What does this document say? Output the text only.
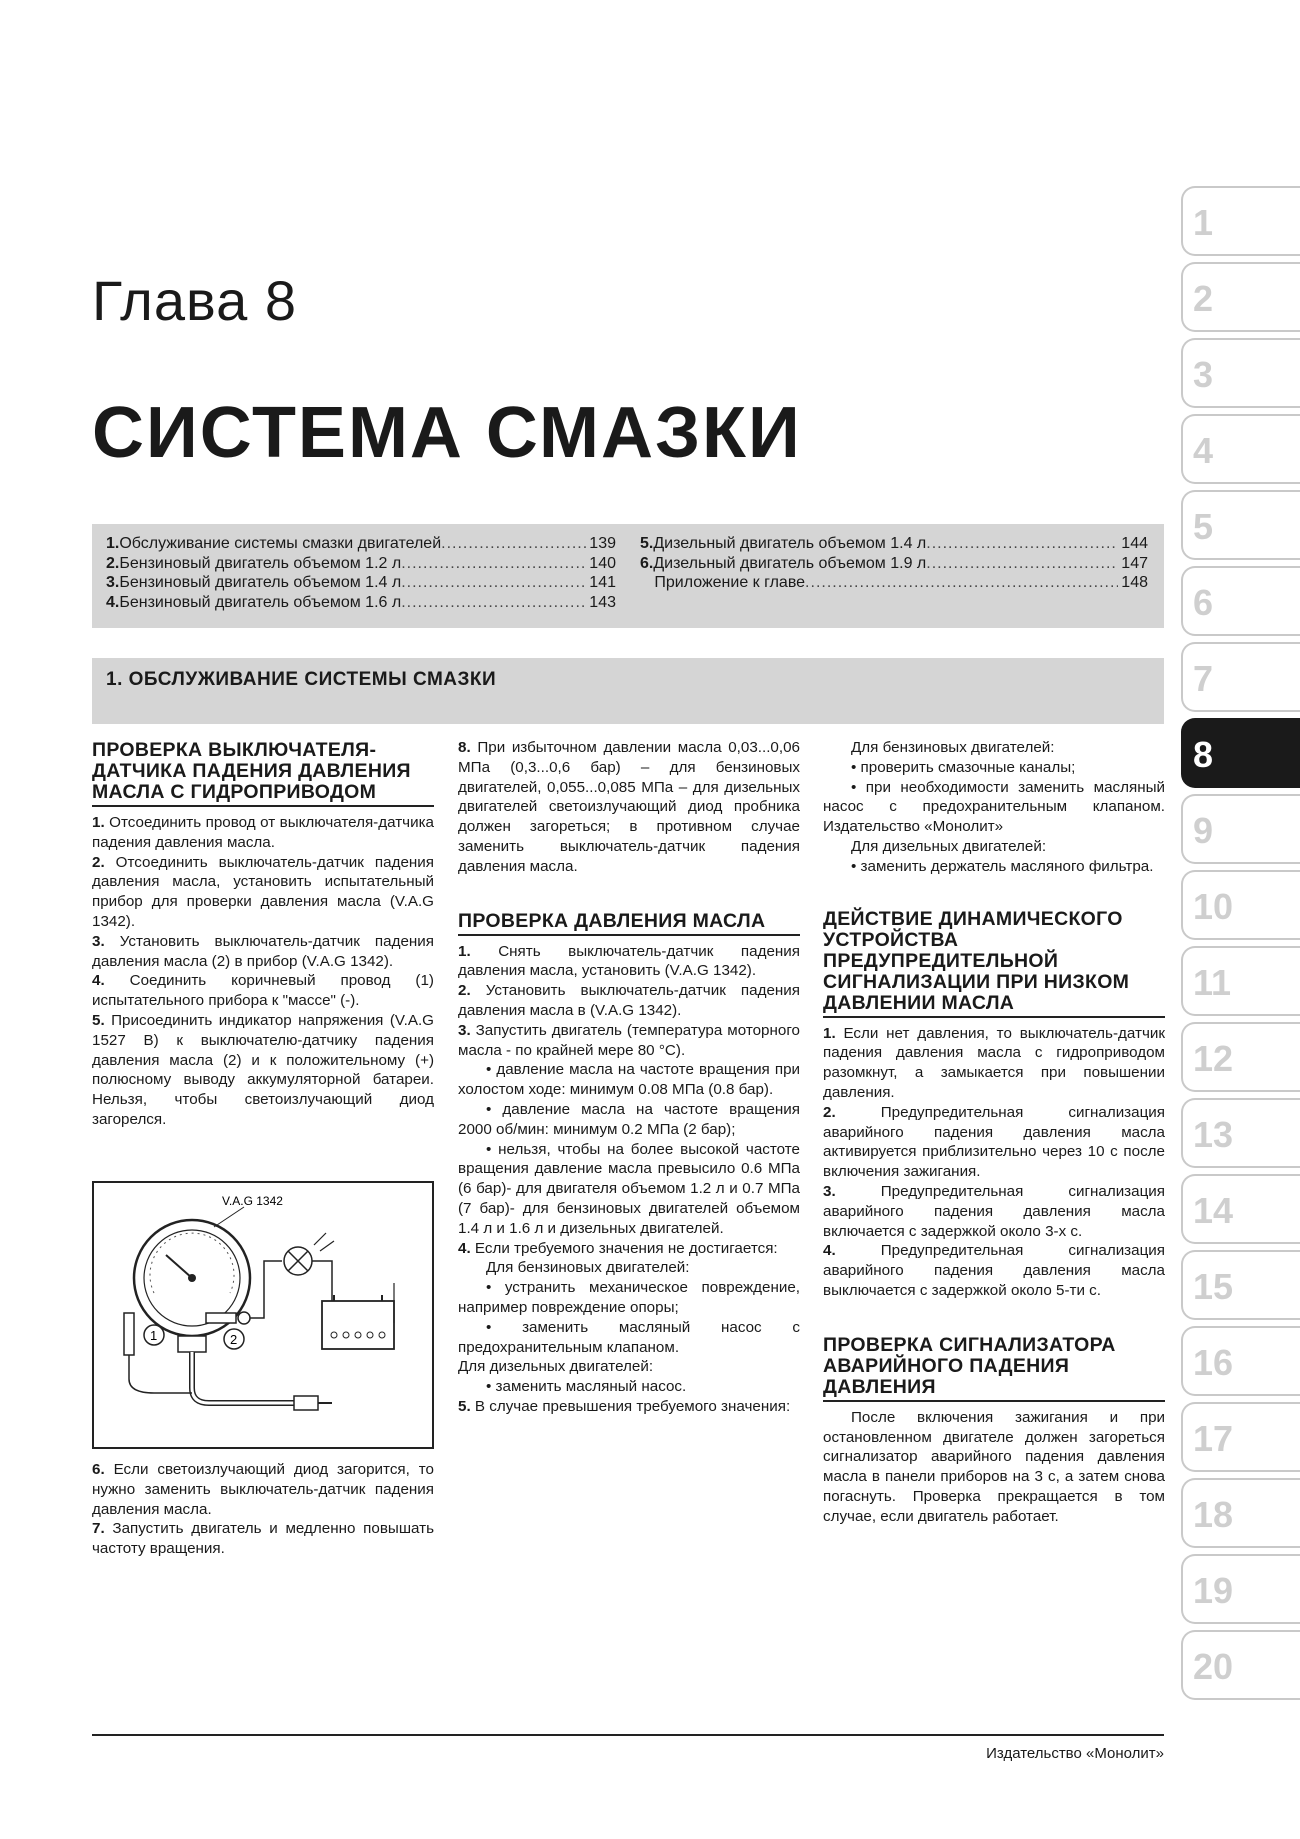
Глава 8
СИСТЕМА СМАЗКИ
1. Обслуживание системы смазки двигателей .....	139
2. Бензиновый двигатель объемом 1.2 л .....	140
3. Бензиновый двигатель объемом 1.4 л .....	141
4. Бензиновый двигатель объемом 1.6 л .....	143
5. Дизельный двигатель объемом 1.4 л .....	144
6. Дизельный двигатель объемом 1.9 л .....	147
Приложение к главе .....	148
1. ОБСЛУЖИВАНИЕ СИСТЕМЫ СМАЗКИ
ПРОВЕРКА ВЫКЛЮЧАТЕЛЯ-ДАТЧИКА ПАДЕНИЯ ДАВЛЕНИЯ МАСЛА С ГИДРОПРИВОДОМ

1. Отсоединить провод от выключателя-датчика падения давления масла.

2. Отсоединить выключатель-датчик падения давления масла, установить испытательный прибор для проверки давления масла (V.A.G 1342).

3. Установить выключатель-датчик падения давления масла (2) в прибор (V.A.G 1342).

4. Соединить коричневый провод (1) испытательного прибора к "массе" (-).

5. Присоединить индикатор напряжения (V.A.G 1527 B) к выключателю-датчику падения давления масла (2) и к положительному (+) полюсному выводу аккумуляторной батареи. Нельзя, чтобы светоизлучающий диод загорелся.

V.A.G 1342
2
1

6. Если светоизлучающий диод загорится, то нужно заменить выключатель-датчик падения давления масла.

7. Запустить двигатель и медленно повышать частоту вращения.

8. При избыточном давлении масла 0,03...0,06 МПа (0,3...0,6 бар) – для бензиновых двигателей, 0,055...0,085 МПа – для дизельных двигателей светоизлучающий диод пробника должен загореться; в противном случае заменить выключатель-датчик падения давления масла.

ПРОВЕРКА ДАВЛЕНИЯ МАСЛА

1. Снять выключатель-датчик падения давления масла, установить (V.A.G 1342).

2. Установить выключатель-датчик падения давления масла в (V.A.G 1342).

3. Запустить двигатель (температура моторного масла - по крайней мере 80 °C).

• давление масла на частоте вращения при холостом ходе: минимум 0.08 МПа (0.8 бар).

• давление масла на частоте вращения 2000 об/мин: минимум 0.2 МПа (2 бар);

• нельзя, чтобы на более высокой частоте вращения давление масла превысило 0.6 МПа (6 бар)- для двигателя объемом 1.2 л и 0.7 МПа (7 бар)- для бензиновых двигателей объемом 1.4 л и 1.6 л и дизельных двигателей.

4. Если требуемого значения не достигается:

Для бензиновых двигателей:

• устранить механическое повреждение, например повреждение опоры;

• заменить масляный насос с предохранительным клапаном.

Для дизельных двигателей:

• заменить масляный насос.

5. В случае превышения требуемого значения:

Для бензиновых двигателей:

• проверить смазочные каналы;

• при необходимости заменить масляный насос с предохранительным клапаном. Издательство «Монолит»

Для дизельных двигателей:

• заменить держатель масляного фильтра.

ДЕЙСТВИЕ ДИНАМИЧЕСКОГО УСТРОЙСТВА ПРЕДУПРЕДИТЕЛЬНОЙ СИГНАЛИЗАЦИИ ПРИ НИЗКОМ ДАВЛЕНИИ МАСЛА

1. Если нет давления, то выключатель-датчик падения давления масла с гидроприводом разомкнут, а замыкается при повышении давления.

2.	Предупредительная сигнализация аварийного падения давления масла активируется приблизительно через 10 с после включения зажигания.

3.	Предупредительная сигнализация аварийного падения давления масла включается с задержкой около 3-х с.

4.	Предупредительная сигнализация аварийного падения давления масла выключается с задержкой около 5-ти с.

ПРОВЕРКА СИГНАЛИЗАТОРА АВАРИЙНОГО ПАДЕНИЯ ДАВЛЕНИЯ

После включения зажигания и при остановленном двигателе должен загореться сигнализатор аварийного падения давления масла в панели приборов на 3 с, а затем снова погаснуть. Проверка прекращается в том случае, если двигатель работает.

Издательство «Монолит»
1
2
3
4
5
6
7
8
9
10
11
12
13
14
15
16
17
18
19
20
